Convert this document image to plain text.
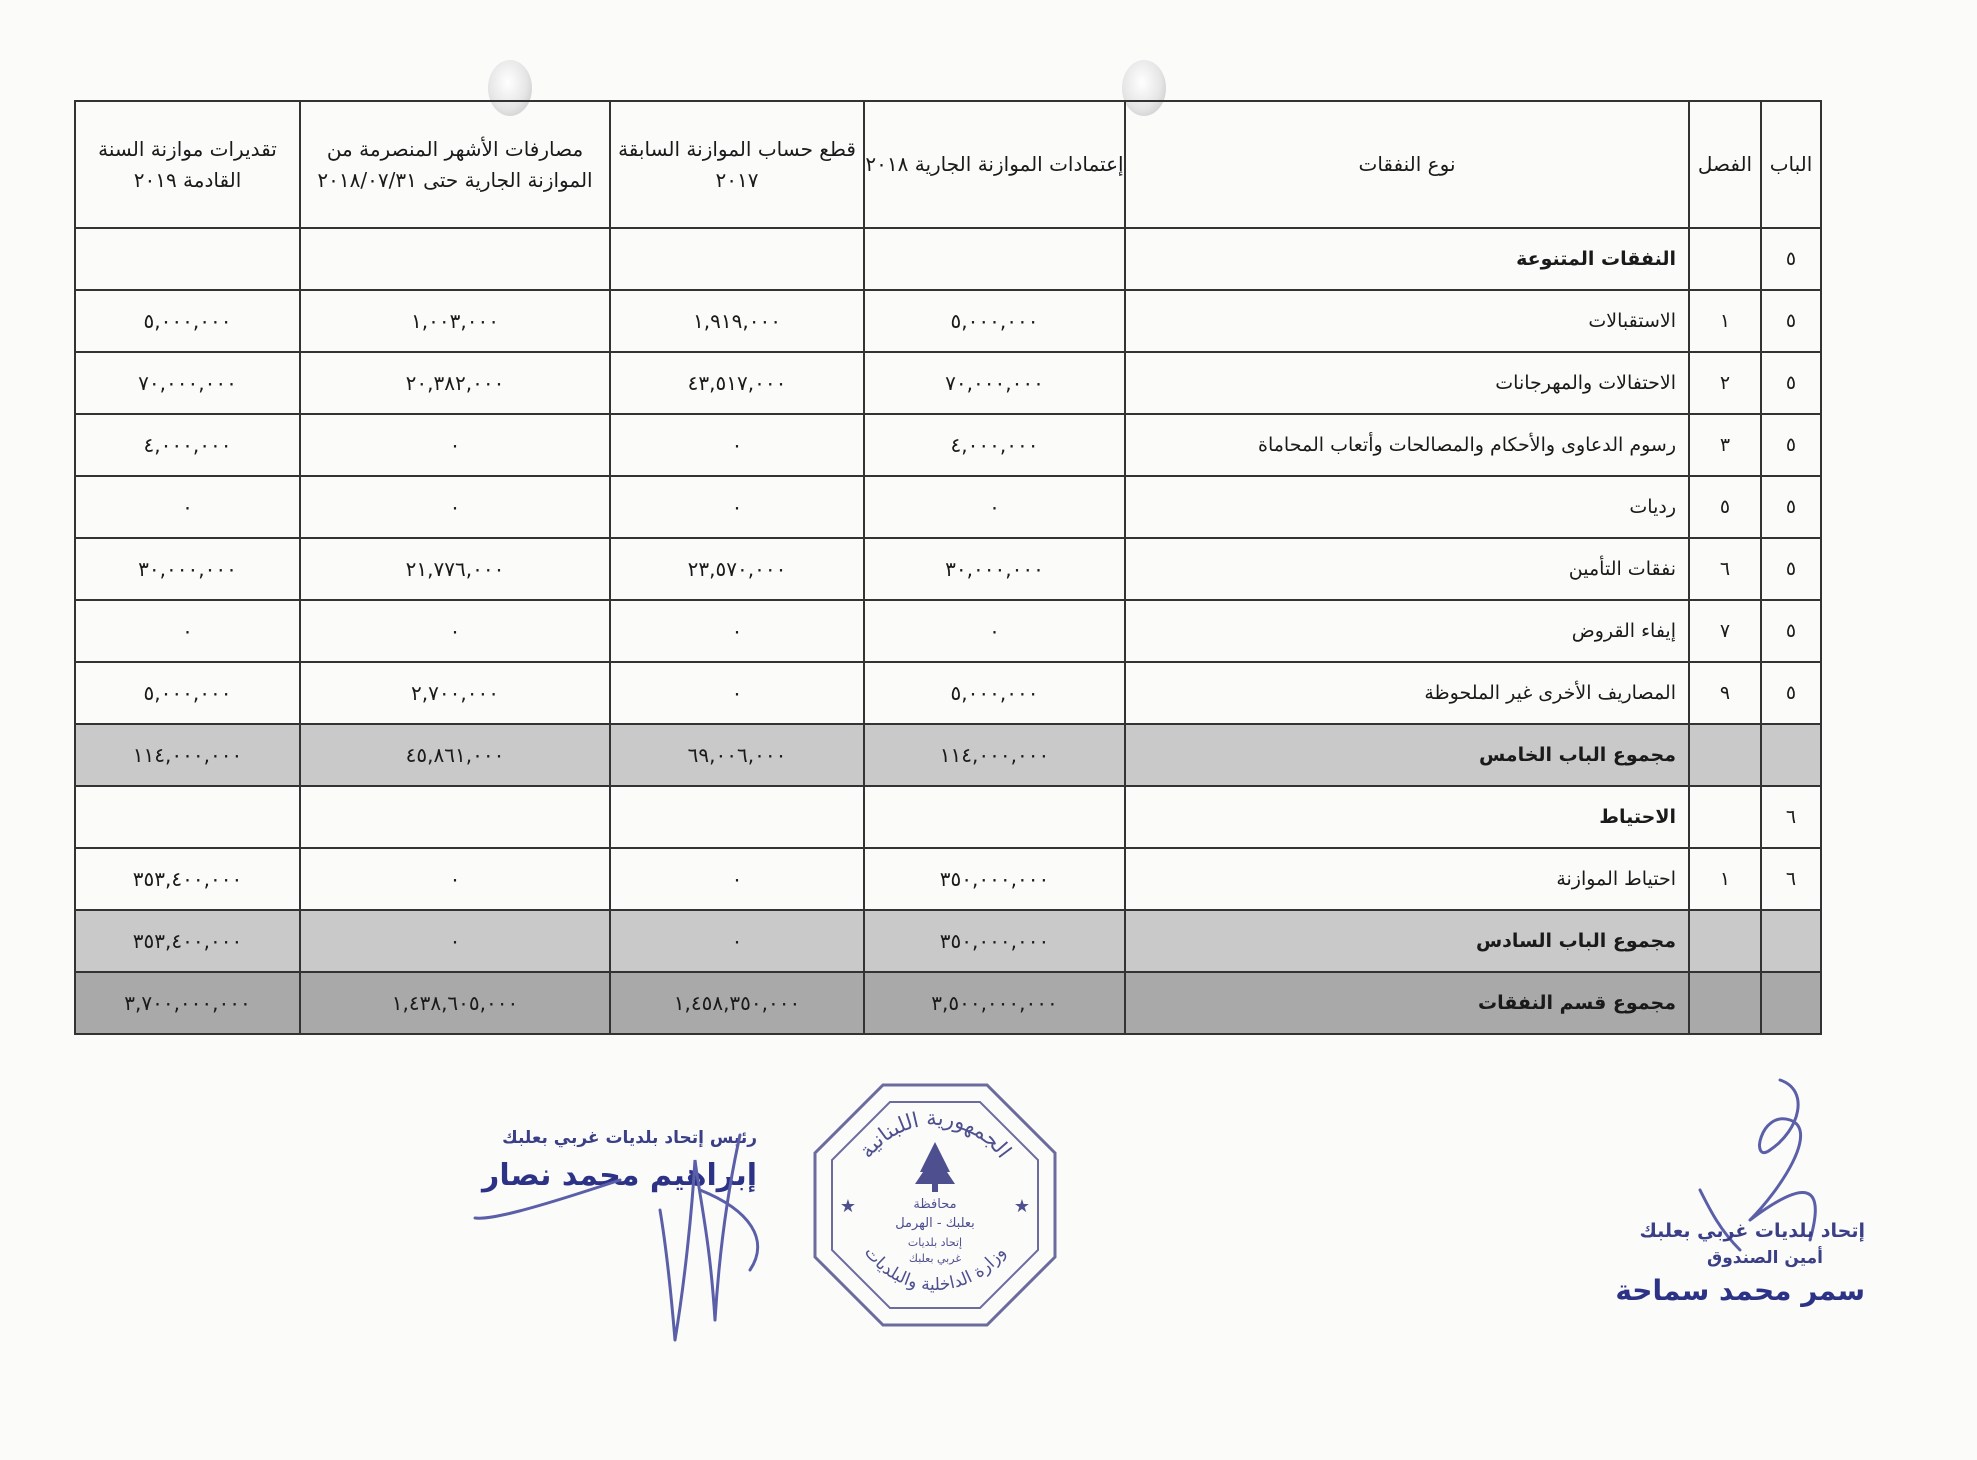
الباب	الفصل	نوع النفقات	إعتمادات الموازنة الجارية ٢٠١٨	قطع حساب الموازنة السابقة ٢٠١٧	مصارفات الأشهر المنصرمة من الموازنة الجارية حتى ٢٠١٨/٠٧/٣١	تقديرات موازنة السنة القادمة ٢٠١٩
٥		النفقات المتنوعة				
٥	١	الاستقبالات	٥,٠٠٠,٠٠٠	١,٩١٩,٠٠٠	١,٠٠٣,٠٠٠	٥,٠٠٠,٠٠٠
٥	٢	الاحتفالات والمهرجانات	٧٠,٠٠٠,٠٠٠	٤٣,٥١٧,٠٠٠	٢٠,٣٨٢,٠٠٠	٧٠,٠٠٠,٠٠٠
٥	٣	رسوم الدعاوى والأحكام والمصالحات وأتعاب المحاماة	٤,٠٠٠,٠٠٠	٠	٠	٤,٠٠٠,٠٠٠
٥	٥	رديات	٠	٠	٠	٠
٥	٦	نفقات التأمين	٣٠,٠٠٠,٠٠٠	٢٣,٥٧٠,٠٠٠	٢١,٧٧٦,٠٠٠	٣٠,٠٠٠,٠٠٠
٥	٧	إيفاء القروض	٠	٠	٠	٠
٥	٩	المصاريف الأخرى غير الملحوظة	٥,٠٠٠,٠٠٠	٠	٢,٧٠٠,٠٠٠	٥,٠٠٠,٠٠٠
		مجموع الباب الخامس	١١٤,٠٠٠,٠٠٠	٦٩,٠٠٦,٠٠٠	٤٥,٨٦١,٠٠٠	١١٤,٠٠٠,٠٠٠
٦		الاحتياط				
٦	١	احتياط الموازنة	٣٥٠,٠٠٠,٠٠٠	٠	٠	٣٥٣,٤٠٠,٠٠٠
		مجموع الباب السادس	٣٥٠,٠٠٠,٠٠٠	٠	٠	٣٥٣,٤٠٠,٠٠٠
		مجموع قسم النفقات	٣,٥٠٠,٠٠٠,٠٠٠	١,٤٥٨,٣٥٠,٠٠٠	١,٤٣٨,٦٠٥,٠٠٠	٣,٧٠٠,٠٠٠,٠٠٠
رئيس إتحاد بلديات غربي بعلبك
إبراهيم محمد نصار
الجمهورية اللبنانية
وزارة الداخلية والبلديات
محافظة
بعلبك - الهرمل
إتحاد بلديات
غربي بعلبك
★	★
إتحاد بلديات غربي بعلبك
أمين الصندوق
سمر محمد سماحة
